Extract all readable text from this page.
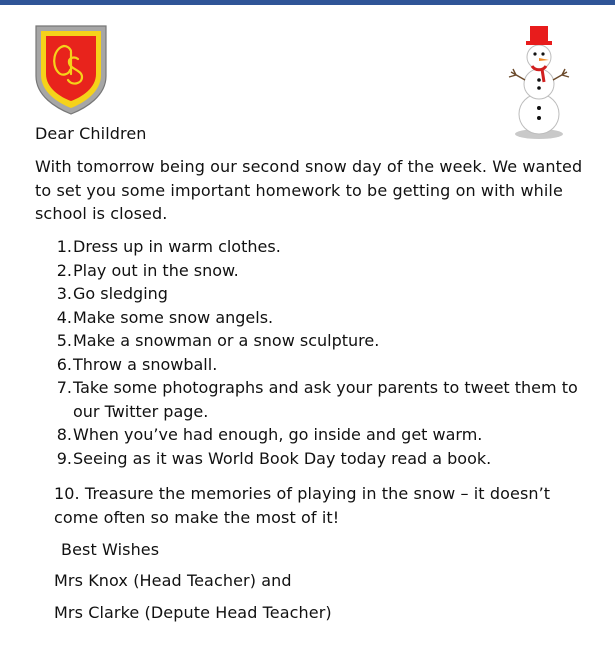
Dear Children

With tomorrow being our second snow day of the week. We wanted to set you some important homework to be getting on with while school is closed.

1. Dress up in warm clothes.
2. Play out in the snow.
3. Go sledging
4. Make some snow angels.
5. Make a snowman or a snow sculpture.
6. Throw a snowball.
7. Take some photographs and ask your parents to tweet them to our Twitter page.
8. When you’ve had enough, go inside and get warm.
9. Seeing as it was World Book Day today read a book.

10. Treasure the memories of playing in the snow – it doesn’t come often so make the most of it!

Best Wishes

Mrs Knox (Head Teacher) and

Mrs Clarke (Depute Head Teacher)
